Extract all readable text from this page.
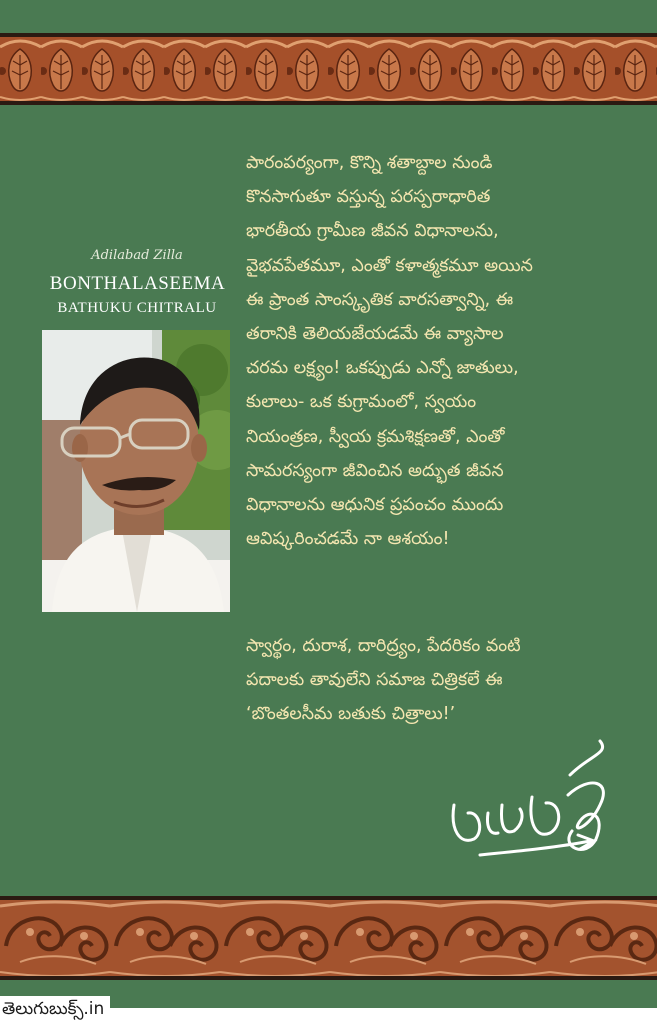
Adilabad Zilla
BONTHALASEEMA
BATHUKU CHITRALU
పారంపర్యంగా, కొన్ని శతాబ్దాల నుండి
కొనసాగుతూ వస్తున్న పరస్పరాధారిత
భారతీయ గ్రామీణ జీవన విధానాలను,
వైభవపేతమూ, ఎంతో కళాత్మకమూ అయిన
ఈ ప్రాంత సాంస్కృతిక వారసత్వాన్ని, ఈ
తరానికి తెలియజేయడమే ఈ వ్యాసాల
చరమ లక్ష్యం! ఒకప్పుడు ఎన్నో జాతులు,
కులాలు- ఒక కుగ్రామంలో, స్వయం
నియంత్రణ, స్వీయ క్రమశిక్షణతో, ఎంతో
సామరస్యంగా జీవించిన అద్భుత జీవన
విధానాలను ఆధునిక ప్రపంచం ముందు
ఆవిష్కరించడమే నా ఆశయం!
స్వార్థం, దురాశ, దారిద్ర్యం, పేదరికం వంటి
పదాలకు తావులేని సమాజ చిత్రికలే ఈ
‘బొంతలసీమ బతుకు చిత్రాలు!’
తెలుగుబుక్స్.in
